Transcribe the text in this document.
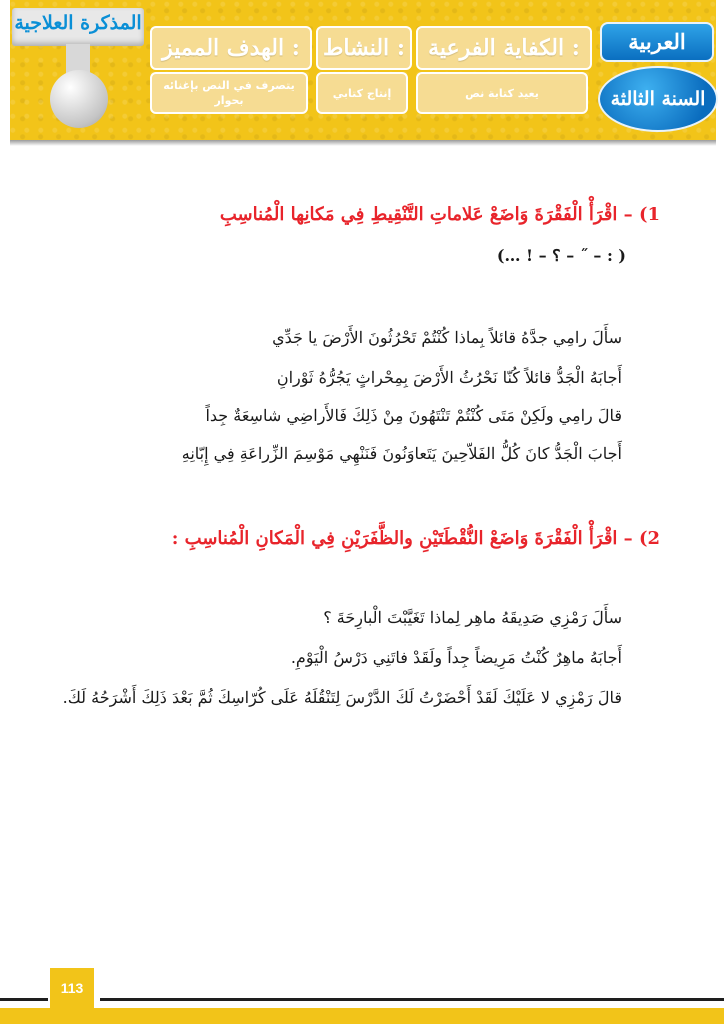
المذكرة العلاجية
الهدف المميز :
يتصرف في النص بإغنائه بحوار
النشاط :
إنتاج كتابي
الكفاية الفرعية :
يعيد كتابة نص
العربية
السنة الثالثة
1) – اقْرَأْ الْفَقْرَةَ وَاضَعْ عَلاماتِ التَّنْقِيطِ فِي مَكانِها الْمُناسِبِ
( : – ˝ – ؟ – ! …)
سأَلَ رامِي جدَّهُ قائلاً بِماذا كُنْتُمْ تَحْرُثُونَ الأَرْضَ يا جَدِّي
أَجابَهُ الْجَدُّ قائلاً كُنّا نَحْرُثُ الأَرْضَ بِمِحْراثٍ يَجُرُّهُ ثَوْرانِ
قالَ رامِي ولَكِنْ مَتَى كُنْتُمْ تَنْتَهُونَ مِنْ ذَلِكَ فَالأَراضِي شاسِعَةٌ جِداً
أَجابَ الْجَدُّ كانَ كُلُّ الفَلاّحِينَ يَتَعاوَنُونَ فَنَنْهِي مَوْسِمَ الزِّراعَةِ فِي إِبّانِهِ
2) – اقْرَأْ الْفَقْرَةَ وَاضَعْ النُّقْطَتَيْنِ والظَّفَرَيْنِ فِي الْمَكانِ الْمُناسِبِ :
سأَلَ رَمْزِي صَدِيقَهُ ماهِر لِماذا تَغَيَّبْتَ الْبارِحَةَ ؟
أَجابَهُ ماهِرٌ كُنْتُ مَرِيضاً جِداً ولَقَدْ فاتَنِي دَرْسُ الْيَوْمِ.
قالَ رَمْزِي لا عَلَيْكَ لَقَدْ أَحْضَرْتُ لَكَ الدَّرْسَ لِتَنْقُلَهُ عَلَى كُرّاسِكَ ثُمَّ بَعْدَ ذَلِكَ أَشْرَحُهُ لَكَ.
113
